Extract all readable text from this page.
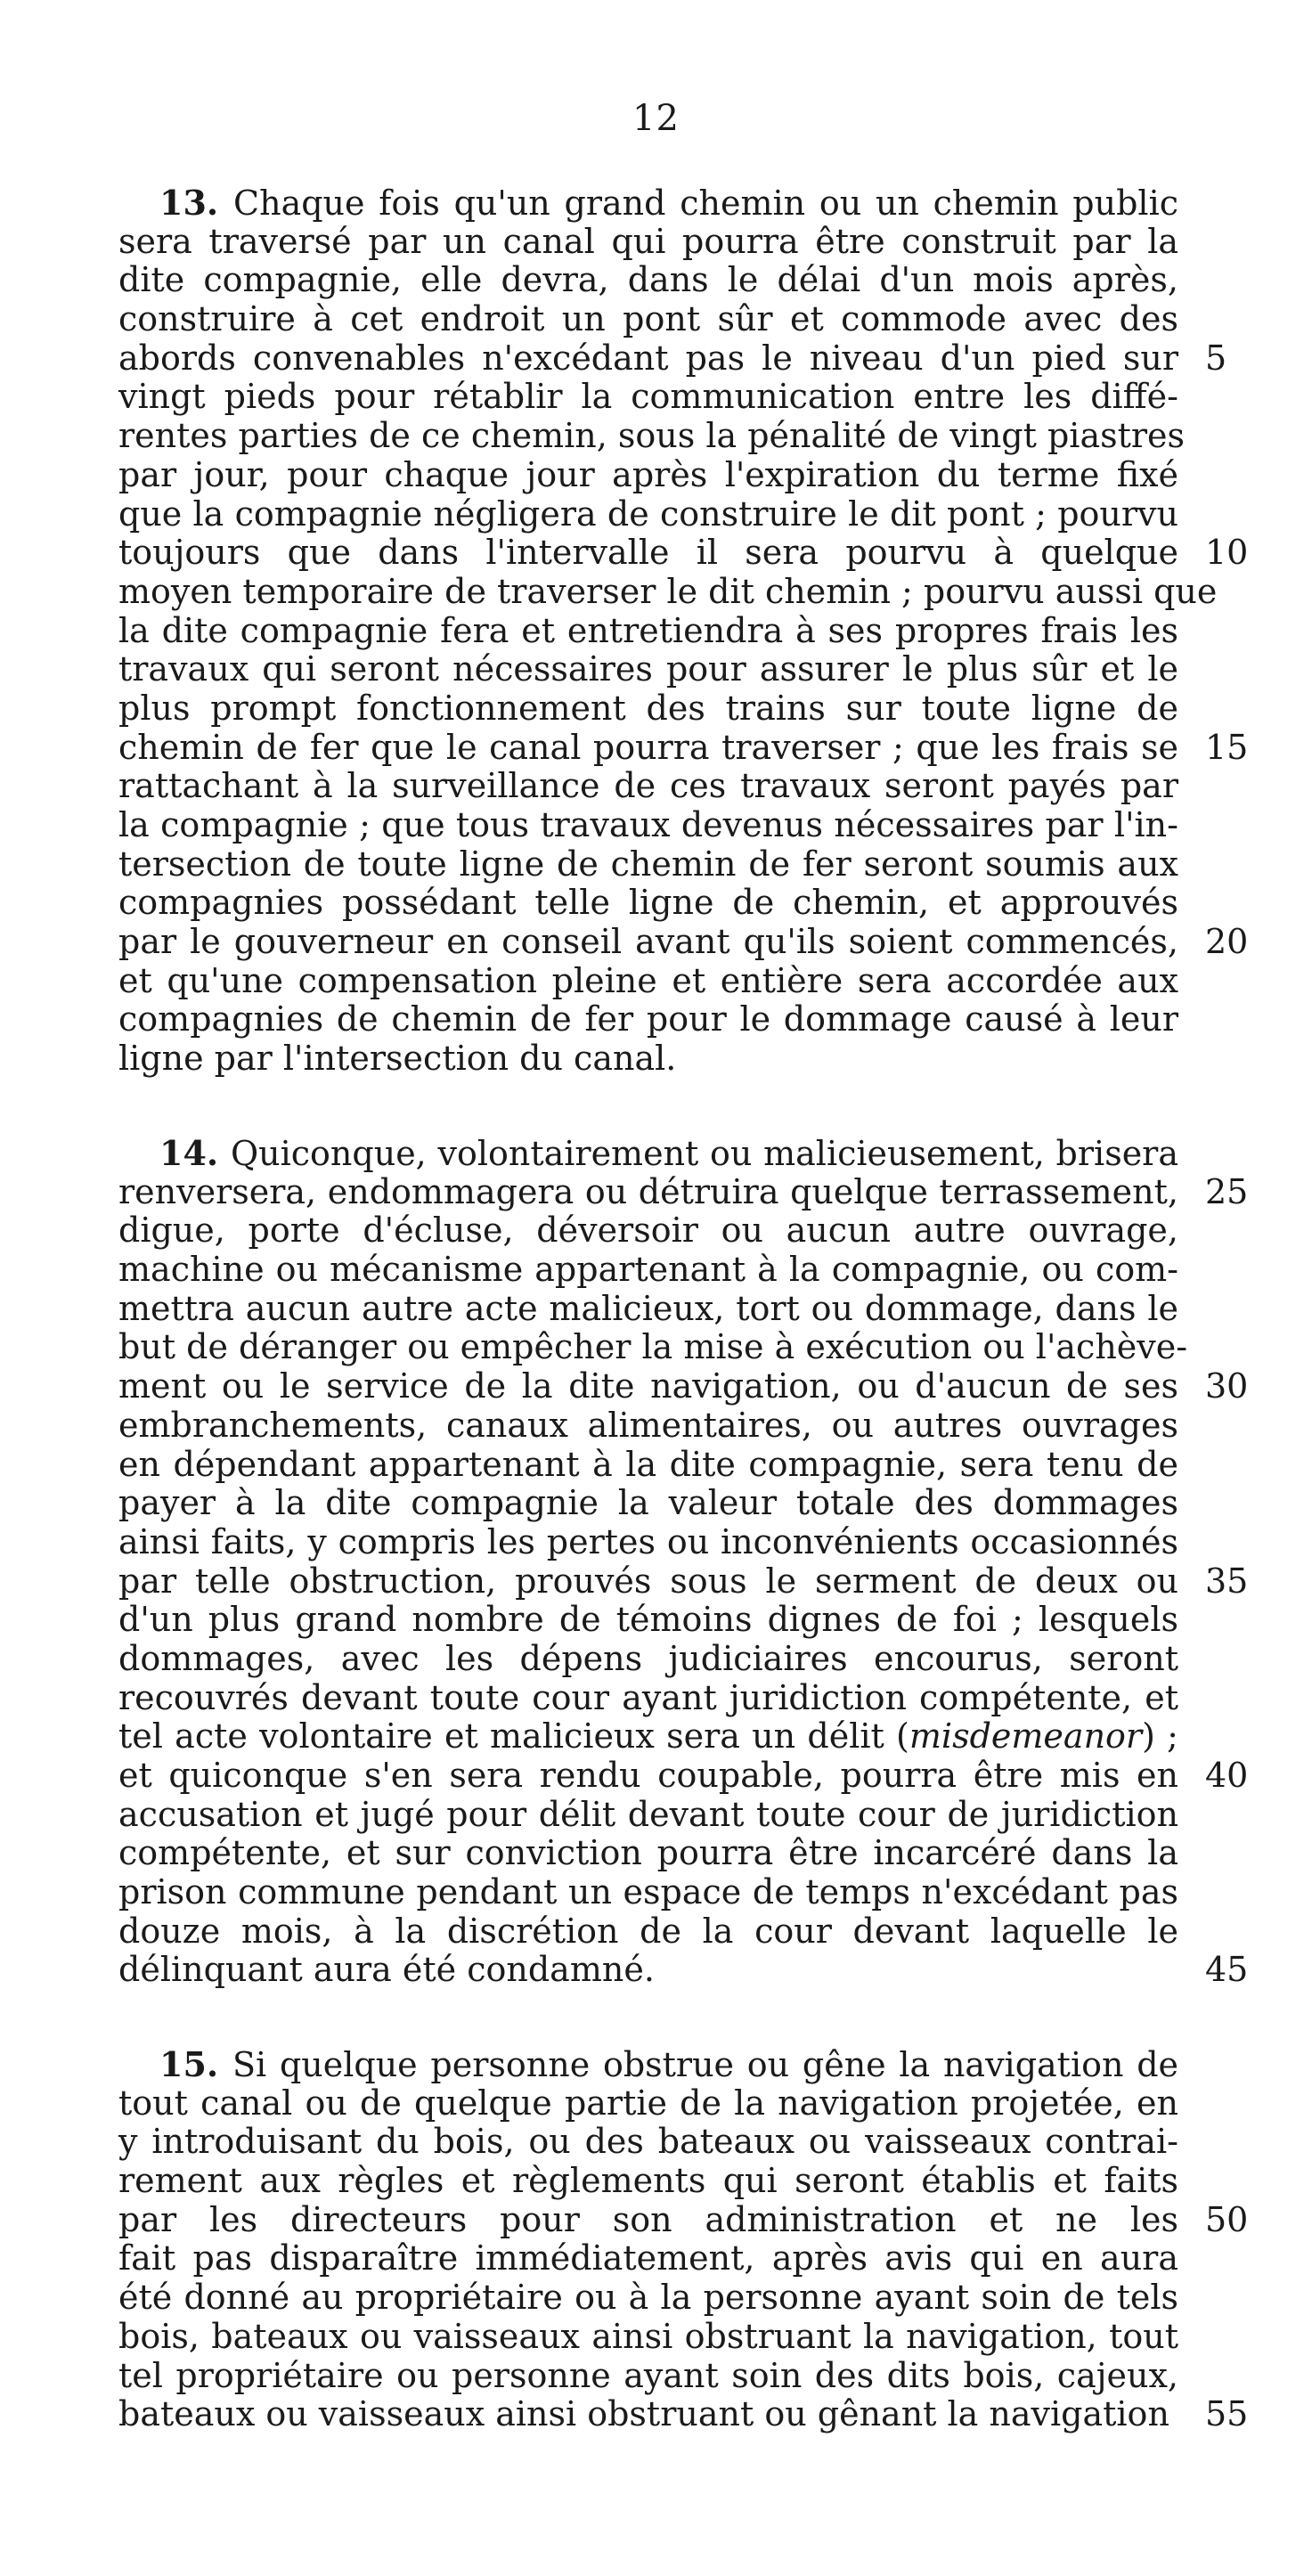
12
13. Chaque fois qu'un grand chemin ou un chemin public
sera traversé par un canal qui pourra être construit par la
dite compagnie, elle devra, dans le délai d'un mois après,
construire à cet endroit un pont sûr et commode avec des
abords convenables n'excédant pas le niveau d'un pied sur 5
vingt pieds pour rétablir la communication entre les diffé-
rentes parties de ce chemin, sous la pénalité de vingt piastres
par jour, pour chaque jour après l'expiration du terme fixé
que la compagnie négligera de construire le dit pont ; pourvu
toujours que dans l'intervalle il sera pourvu à quelque 10
moyen temporaire de traverser le dit chemin ; pourvu aussi que
la dite compagnie fera et entretiendra à ses propres frais les
travaux qui seront nécessaires pour assurer le plus sûr et le
plus prompt fonctionnement des trains sur toute ligne de
chemin de fer que le canal pourra traverser ; que les frais se 15
rattachant à la surveillance de ces travaux seront payés par
la compagnie ; que tous travaux devenus nécessaires par l'in-
tersection de toute ligne de chemin de fer seront soumis aux
compagnies possédant telle ligne de chemin, et approuvés
par le gouverneur en conseil avant qu'ils soient commencés, 20
et qu'une compensation pleine et entière sera accordée aux
compagnies de chemin de fer pour le dommage causé à leur
ligne par l'intersection du canal.
14. Quiconque, volontairement ou malicieusement, brisera
renversera, endommagera ou détruira quelque terrassement, 25
digue, porte d'écluse, déversoir ou aucun autre ouvrage,
machine ou mécanisme appartenant à la compagnie, ou com-
mettra aucun autre acte malicieux, tort ou dommage, dans le
but de déranger ou empêcher la mise à exécution ou l'achève-
ment ou le service de la dite navigation, ou d'aucun de ses 30
embranchements, canaux alimentaires, ou autres ouvrages
en dépendant appartenant à la dite compagnie, sera tenu de
payer à la dite compagnie la valeur totale des dommages
ainsi faits, y compris les pertes ou inconvénients occasionnés
par telle obstruction, prouvés sous le serment de deux ou 35
d'un plus grand nombre de témoins dignes de foi ; lesquels
dommages, avec les dépens judiciaires encourus, seront
recouvrés devant toute cour ayant juridiction compétente, et
tel acte volontaire et malicieux sera un délit (misdemeanor) ;
et quiconque s'en sera rendu coupable, pourra être mis en 40
accusation et jugé pour délit devant toute cour de juridiction
compétente, et sur conviction pourra être incarcéré dans la
prison commune pendant un espace de temps n'excédant pas
douze mois, à la discrétion de la cour devant laquelle le
délinquant aura été condamné.	45
15. Si quelque personne obstrue ou gêne la navigation de
tout canal ou de quelque partie de la navigation projetée, en
y introduisant du bois, ou des bateaux ou vaisseaux contrai-
rement aux règles et règlements qui seront établis et faits
par les directeurs pour son administration et ne les 50
fait pas disparaître immédiatement, après avis qui en aura
été donné au propriétaire ou à la personne ayant soin de tels
bois, bateaux ou vaisseaux ainsi obstruant la navigation, tout
tel propriétaire ou personne ayant soin des dits bois, cajeux,
bateaux ou vaisseaux ainsi obstruant ou gênant la navigation 55
